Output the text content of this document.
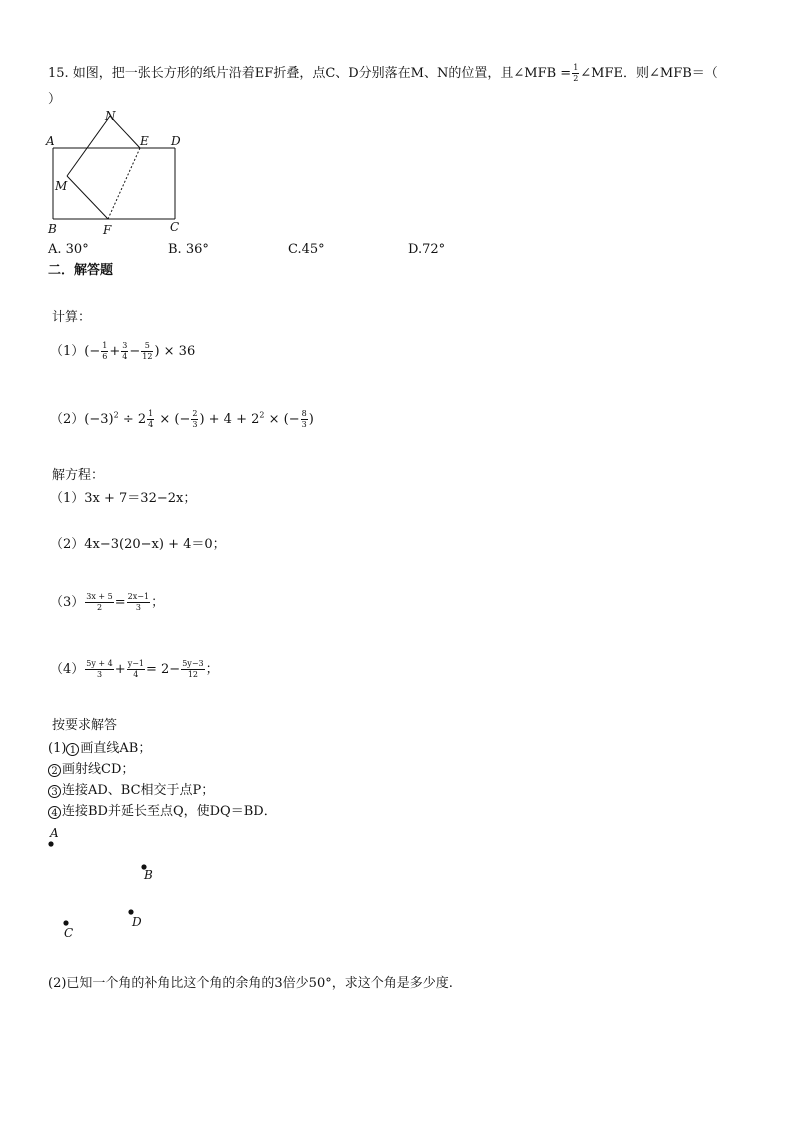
15. 如图，把一张长方形的纸片沿着EF折叠，点C、D分别落在M、N的位置，且∠MFB = $\frac{1}{2}$ ∠MFE．则∠MFB＝（
）
A	E D
N
M
B	F	C
A. 30°	B. 36°	C.45°	D.72°
二．解答题
计算：
$(1)(- \frac{1}{6} + \frac{3}{4} - \frac{5}{12}$ ) × 36
$(2)(-3)^2 \div 2 \frac{1}{4}$ × (− $\frac{2}{3}$ ) + $4 + 2^2$ × (− $\frac{8}{3}$ )
解方程：
（1）3x + 7＝32−2x；
（2）4x−3(20−x) + 4＝0；
$(3) \frac{3x + 5}{2} = \frac{2x-1}{3}$ ；
$(4) \frac{5y + 4}{3} + \frac{y-1}{4} = 2- \frac{5y-3}{12}$ ；
按要求解答
(1) 1 画直线AB；
2 画射线CD；
3 连接AD、BC相交于点P；
4 连接BD并延长至点Q，使DQ＝BD．
A
B
D
C
(2)已知一个角的补角比这个角的余角的3倍少50°，求这个角是多少度.
